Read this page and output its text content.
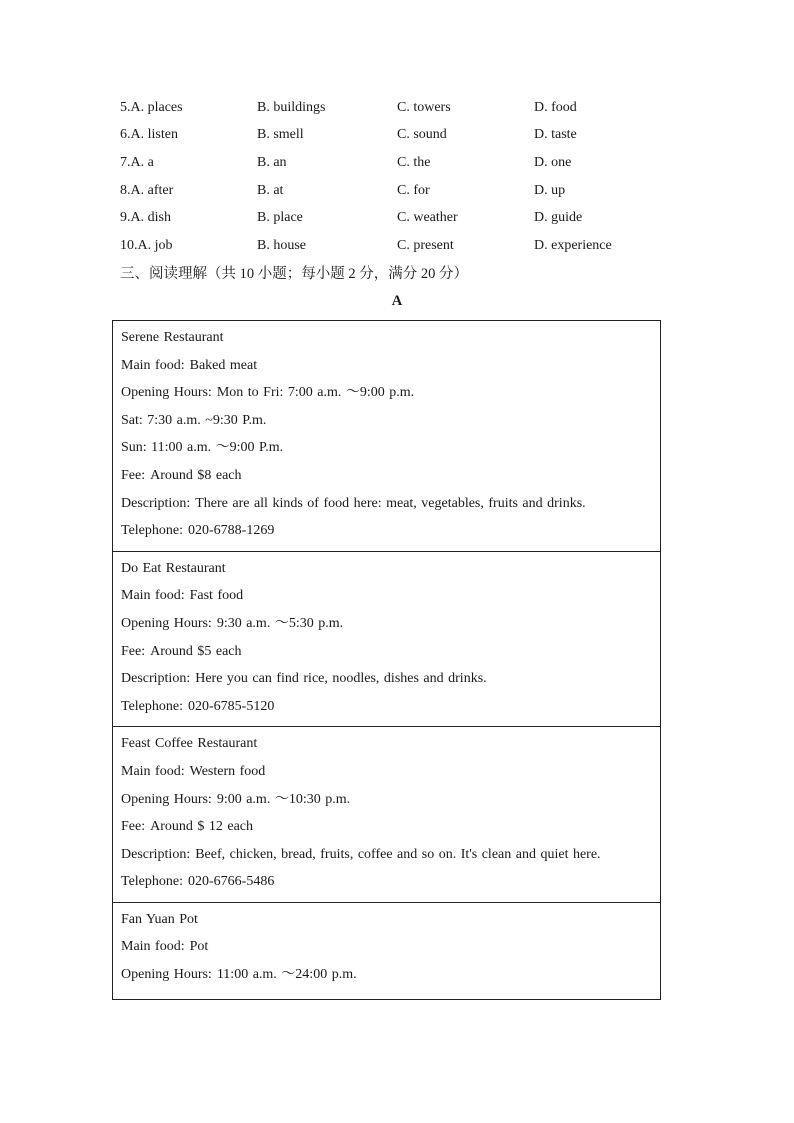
5.A. places	B. buildings	C. towers	D. food
6.A. listen	B. smell	C. sound	D. taste
7.A. a	B. an	C. the	D. one
8.A. after	B. at	C. for	D. up
9.A. dish	B. place	C. weather	D. guide
10.A. job	B. house	C. present	D. experience
三、阅读理解（共 10 小题；每小题 2 分，满分 20 分）
A
Serene Restaurant
Main food: Baked meat
Opening Hours: Mon to Fri: 7:00 a.m. ～9:00 p.m.
Sat: 7:30 a.m. ~9:30 P.m.
Sun: 11:00 a.m. ～9:00 P.m.
Fee: Around $8 each
Description: There are all kinds of food here: meat, vegetables, fruits and drinks.
Telephone: 020-6788-1269
Do Eat Restaurant
Main food: Fast food
Opening Hours: 9:30 a.m. ～5:30 p.m.
Fee: Around $5 each
Description: Here you can find rice, noodles, dishes and drinks.
Telephone: 020-6785-5120
Feast Coffee Restaurant
Main food: Western food
Opening Hours: 9:00 a.m. ～10:30 p.m.
Fee: Around $ 12 each
Description: Beef, chicken, bread, fruits, coffee and so on. It's clean and quiet here.
Telephone: 020-6766-5486
Fan Yuan Pot
Main food: Pot
Opening Hours: 11:00 a.m. ～24:00 p.m.
